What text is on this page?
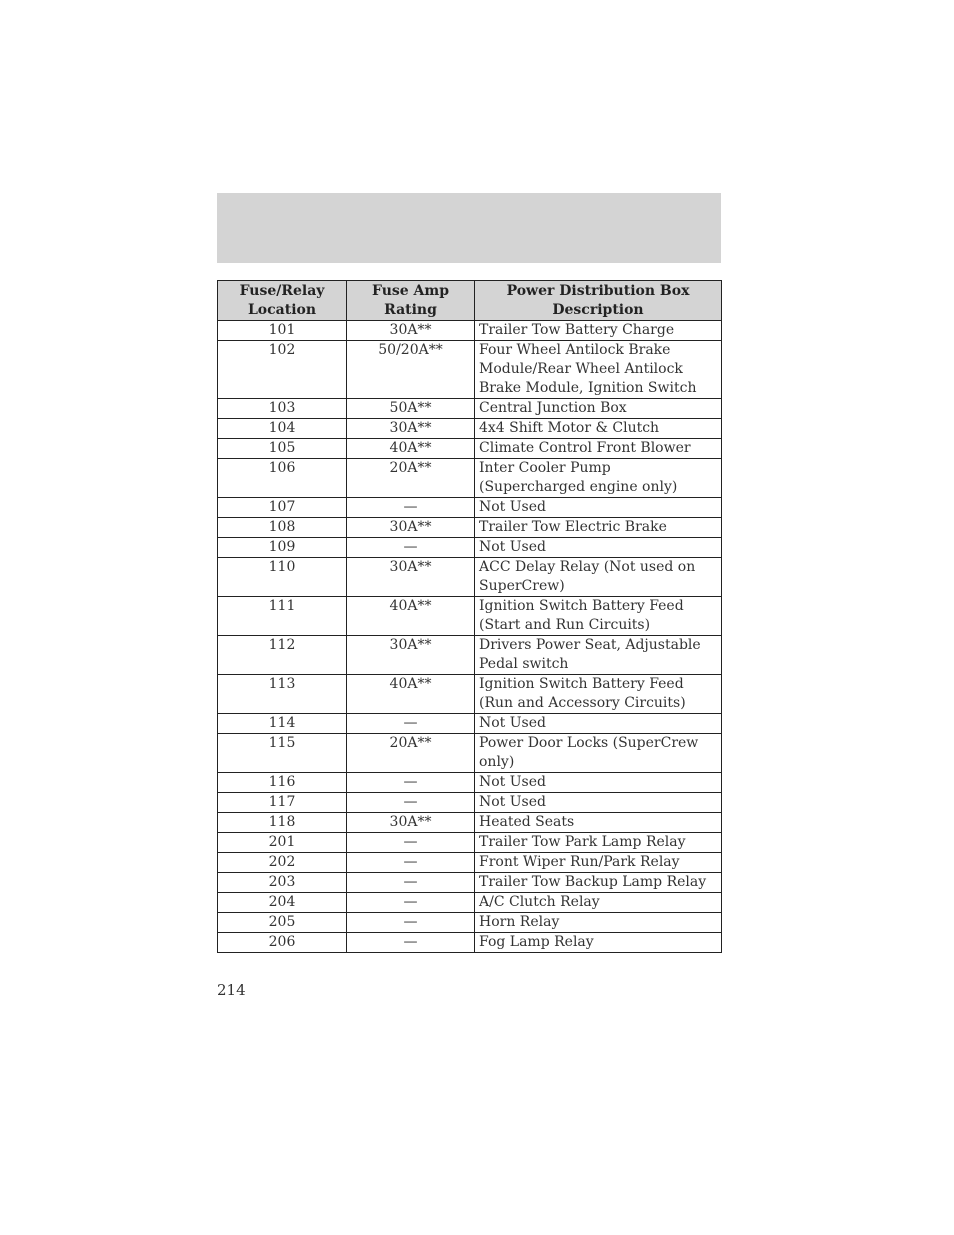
Fuse/Relay Location	Fuse Amp Rating	Power Distribution Box Description
101	30A**	Trailer Tow Battery Charge
102	50/20A**	Four Wheel Antilock Brake Module/Rear Wheel Antilock Brake Module, Ignition Switch
103	50A**	Central Junction Box
104	30A**	4x4 Shift Motor & Clutch
105	40A**	Climate Control Front Blower
106	20A**	Inter Cooler Pump (Supercharged engine only)
107	—	Not Used
108	30A**	Trailer Tow Electric Brake
109	—	Not Used
110	30A**	ACC Delay Relay (Not used on SuperCrew)
111	40A**	Ignition Switch Battery Feed (Start and Run Circuits)
112	30A**	Drivers Power Seat, Adjustable Pedal switch
113	40A**	Ignition Switch Battery Feed (Run and Accessory Circuits)
114	—	Not Used
115	20A**	Power Door Locks (SuperCrew only)
116	—	Not Used
117	—	Not Used
118	30A**	Heated Seats
201	—	Trailer Tow Park Lamp Relay
202	—	Front Wiper Run/Park Relay
203	—	Trailer Tow Backup Lamp Relay
204	—	A/C Clutch Relay
205	—	Horn Relay
206	—	Fog Lamp Relay
214
